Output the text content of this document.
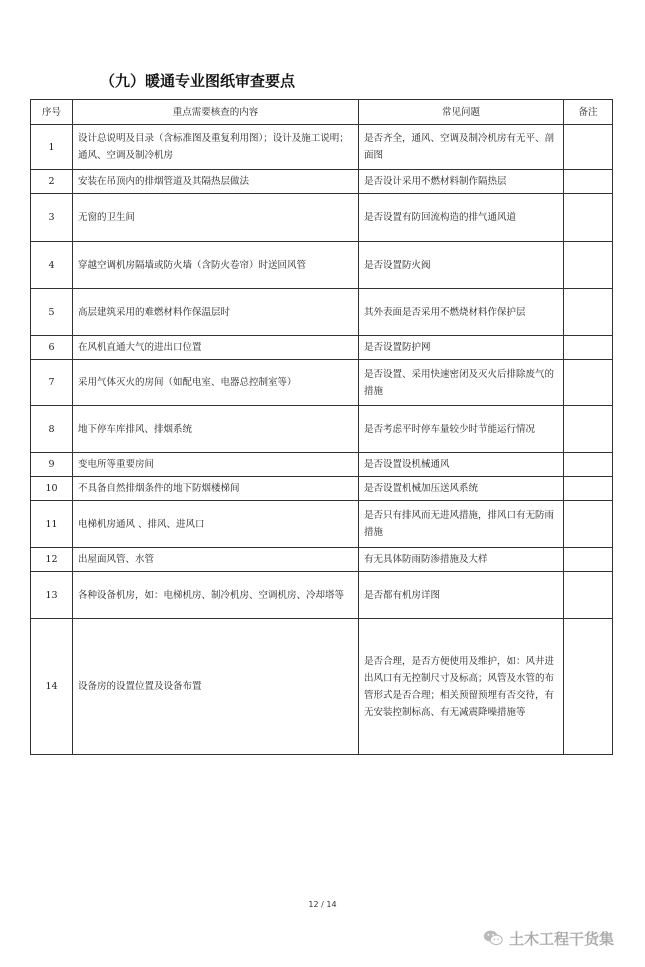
（九）暖通专业图纸审查要点
序号	重点需要核查的内容	常见问题	备注
1	设计总说明及目录（含标准图及重复利用图）；设计及施工说明；通风、空调及制冷机房	是否齐全，通风、空调及制冷机房有无平、剖面图	
2	安装在吊顶内的排烟管道及其隔热层做法	是否设计采用不燃材料制作隔热层	
3	无窗的卫生间	是否设置有防回流构造的排气通风道	
4	穿越空调机房隔墙或防火墙（含防火卷帘）时送回风管	是否设置防火阀	
5	高层建筑采用的难燃材料作保温层时	其外表面是否采用不燃烧材料作保护层	
6	在风机直通大气的进出口位置	是否设置防护网	
7	采用气体灭火的房间（如配电室、电器总控制室等）	是否设置、采用快速密闭及灭火后排除废气的措施	
8	地下停车库排风、排烟系统	是否考虑平时停车量较少时节能运行情况	
9	变电所等重要房间	是否设置设机械通风	
10	不具备自然排烟条件的地下防烟楼梯间	是否设置机械加压送风系统	
11	电梯机房通风 、排风、进风口	是否只有排风而无进风措施，排风口有无防雨措施	
12	出屋面风管、水管	有无具体防雨防渗措施及大样	
13	各种设备机房，如：电梯机房、制冷机房、空调机房、冷却塔等	是否都有机房详图	
14	设备房的设置位置及设备布置	是否合理，是否方便使用及维护，如：风井进出风口有无控制尺寸及标高；风管及水管的布管形式是否合理；相关预留预埋有否交待，有无安装控制标高、有无减震降噪措施等	
12 / 14
土木工程干货集
